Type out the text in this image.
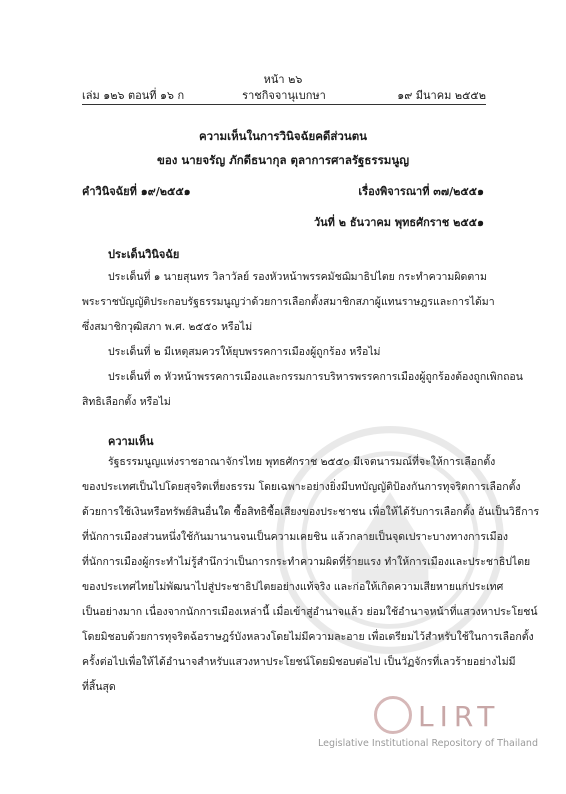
หน้า ๒๖
เล่ม ๑๒๖ ตอนที่ ๑๖ ก	ราชกิจจานุเบกษา	๑๙ มีนาคม ๒๕๕๒
ความเห็นในการวินิจฉัยคดีส่วนตน
ของ นายจรัญ ภักดีธนากุล ตุลาการศาลรัฐธรรมนูญ
คำวินิจฉัยที่ ๑๙/๒๕๕๑	เรื่องพิจารณาที่ ๓๗/๒๕๕๑
วันที่ ๒ ธันวาคม พุทธศักราช ๒๕๕๑
ประเด็นวินิจฉัย
ประเด็นที่ ๑ นายสุนทร วิลาวัลย์ รองหัวหน้าพรรคมัชฌิมาธิปไตย กระทำความผิดตาม
พระราชบัญญัติประกอบรัฐธรรมนูญว่าด้วยการเลือกตั้งสมาชิกสภาผู้แทนราษฎรและการได้มา
ซึ่งสมาชิกวุฒิสภา พ.ศ. ๒๕๕๐ หรือไม่
ประเด็นที่ ๒ มีเหตุสมควรให้ยุบพรรคการเมืองผู้ถูกร้อง หรือไม่
ประเด็นที่ ๓ หัวหน้าพรรคการเมืองและกรรมการบริหารพรรคการเมืองผู้ถูกร้องต้องถูกเพิกถอน
สิทธิเลือกตั้ง หรือไม่
ความเห็น
รัฐธรรมนูญแห่งราชอาณาจักรไทย พุทธศักราช ๒๕๕๐ มีเจตนารมณ์ที่จะให้การเลือกตั้ง
ของประเทศเป็นไปโดยสุจริตเที่ยงธรรม โดยเฉพาะอย่างยิ่งมีบทบัญญัติป้องกันการทุจริตการเลือกตั้ง
ด้วยการใช้เงินหรือทรัพย์สินอื่นใด ซื้อสิทธิซื้อเสียงของประชาชน เพื่อให้ได้รับการเลือกตั้ง อันเป็นวิธีการ
ที่นักการเมืองส่วนหนึ่งใช้กันมานานจนเป็นความเคยชิน แล้วกลายเป็นจุดเปราะบางทางการเมือง
ที่นักการเมืองผู้กระทำไม่รู้สำนึกว่าเป็นการกระทำความผิดที่ร้ายแรง ทำให้การเมืองและประชาธิปไตย
ของประเทศไทยไม่พัฒนาไปสู่ประชาธิปไตยอย่างแท้จริง และก่อให้เกิดความเสียหายแก่ประเทศ
เป็นอย่างมาก เนื่องจากนักการเมืองเหล่านี้ เมื่อเข้าสู่อำนาจแล้ว ย่อมใช้อำนาจหน้าที่แสวงหาประโยชน์
โดยมิชอบด้วยการทุจริตฉ้อราษฎร์บังหลวงโดยไม่มีความละอาย เพื่อเตรียมไว้สำหรับใช้ในการเลือกตั้ง
ครั้งต่อไปเพื่อให้ได้อำนาจสำหรับแสวงหาประโยชน์โดยมิชอบต่อไป เป็นวัฏจักรที่เลวร้ายอย่างไม่มี
ที่สิ้นสุด
LIRT
Legislative Institutional Repository of Thailand
